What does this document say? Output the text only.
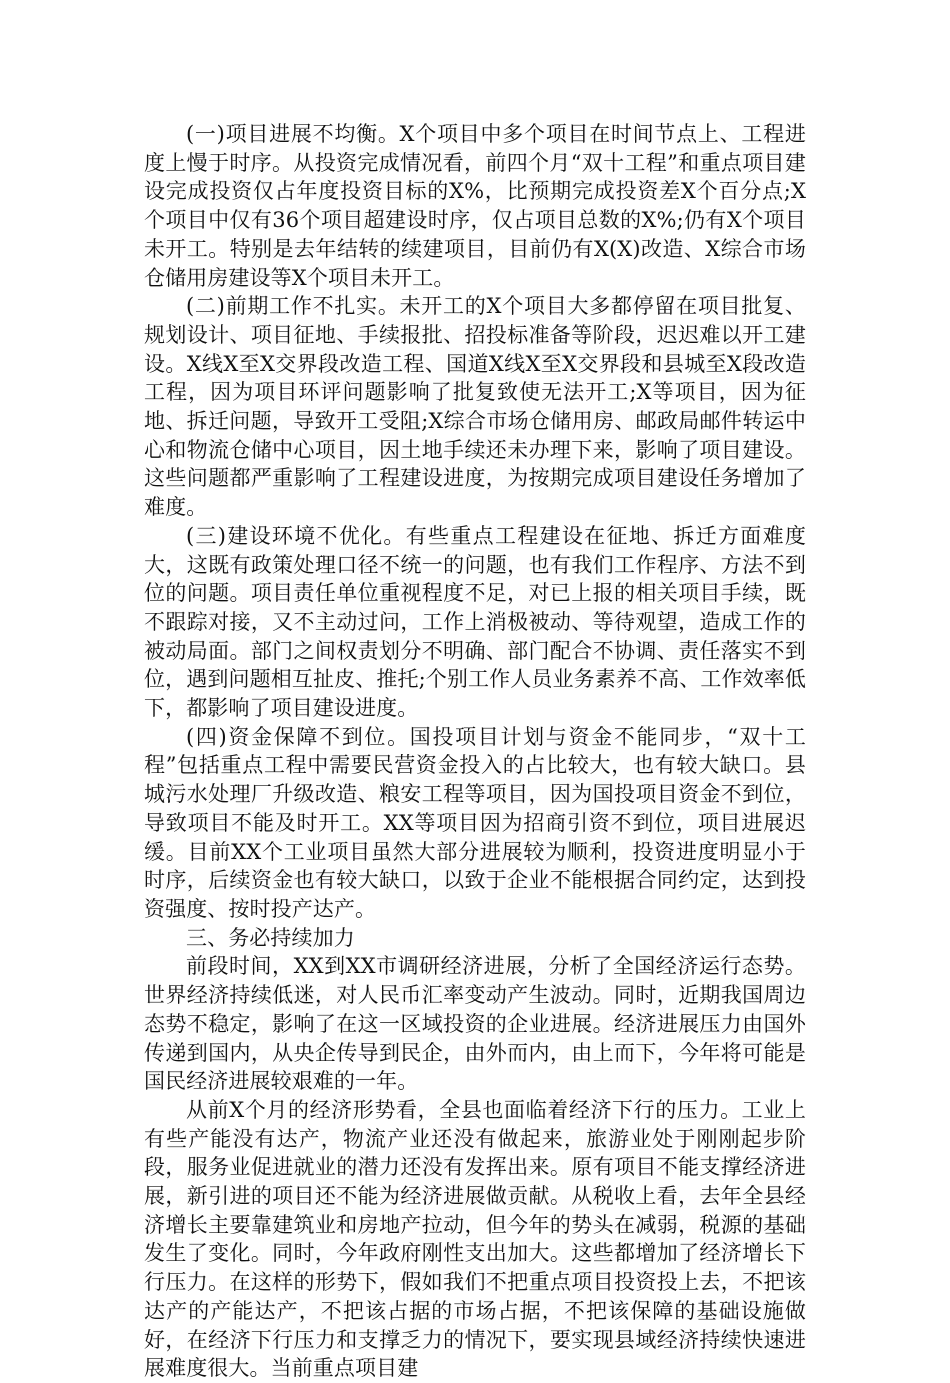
(一)项目进展不均衡。X个项目中多个项目在时间节点上、工程进度上慢于时序。从投资完成情况看，前四个月“双十工程”和重点项目建设完成投资仅占年度投资目标的X%，比预期完成投资差X个百分点;X个项目中仅有36个项目超建设时序，仅占项目总数的X%;仍有X个项目未开工。特别是去年结转的续建项目，目前仍有X(X)改造、X综合市场仓储用房建设等X个项目未开工。

(二)前期工作不扎实。未开工的X个项目大多都停留在项目批复、规划设计、项目征地、手续报批、招投标准备等阶段，迟迟难以开工建设。X线X至X交界段改造工程、国道X线X至X交界段和县城至X段改造工程，因为项目环评问题影响了批复致使无法开工;X等项目，因为征地、拆迁问题，导致开工受阻;X综合市场仓储用房、邮政局邮件转运中心和物流仓储中心项目，因土地手续还未办理下来，影响了项目建设。这些问题都严重影响了工程建设进度，为按期完成项目建设任务增加了难度。

(三)建设环境不优化。有些重点工程建设在征地、拆迁方面难度大，这既有政策处理口径不统一的问题，也有我们工作程序、方法不到位的问题。项目责任单位重视程度不足，对已上报的相关项目手续，既不跟踪对接，又不主动过问，工作上消极被动、等待观望，造成工作的被动局面。部门之间权责划分不明确、部门配合不协调、责任落实不到位，遇到问题相互扯皮、推托;个别工作人员业务素养不高、工作效率低下，都影响了项目建设进度。

(四)资金保障不到位。国投项目计划与资金不能同步，“双十工程”包括重点工程中需要民营资金投入的占比较大，也有较大缺口。县城污水处理厂升级改造、粮安工程等项目，因为国投项目资金不到位，导致项目不能及时开工。XX等项目因为招商引资不到位，项目进展迟缓。目前XX个工业项目虽然大部分进展较为顺利，投资进度明显小于时序，后续资金也有较大缺口，以致于企业不能根据合同约定，达到投资强度、按时投产达产。

三、务必持续加力

前段时间，XX到XX市调研经济进展，分析了全国经济运行态势。世界经济持续低迷，对人民币汇率变动产生波动。同时，近期我国周边态势不稳定，影响了在这一区域投资的企业进展。经济进展压力由国外传递到国内，从央企传导到民企，由外而内，由上而下，今年将可能是国民经济进展较艰难的一年。

从前X个月的经济形势看，全县也面临着经济下行的压力。工业上有些产能没有达产，物流产业还没有做起来，旅游业处于刚刚起步阶段，服务业促进就业的潜力还没有发挥出来。原有项目不能支撑经济进展，新引进的项目还不能为经济进展做贡献。从税收上看，去年全县经济增长主要靠建筑业和房地产拉动，但今年的势头在减弱，税源的基础发生了变化。同时，今年政府刚性支出加大。这些都增加了经济增长下行压力。在这样的形势下，假如我们不把重点项目投资投上去，不把该达产的产能达产，不把该占据的市场占据，不把该保障的基础设施做好，在经济下行压力和支撑乏力的情况下，要实现县域经济持续快速进展难度很大。当前重点项目建
